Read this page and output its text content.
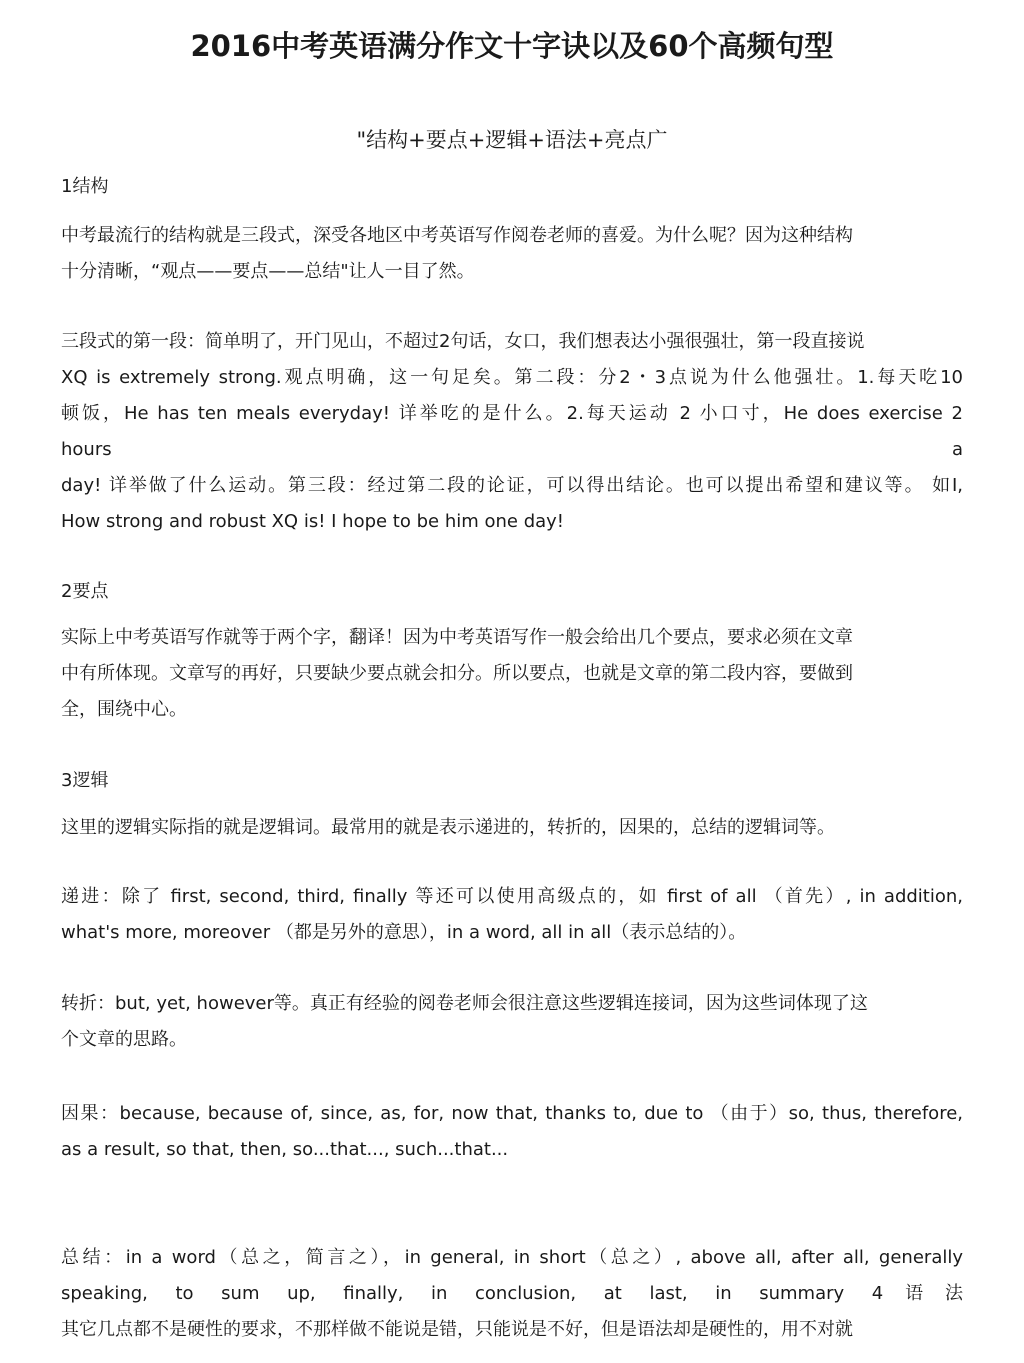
2016中考英语满分作文十字诀以及60个高频句型
"结构+要点+逻辑+语法+亮点广
1结构
中考最流行的结构就是三段式，深受各地区中考英语写作阅卷老师的喜爱。为什么呢？因为这种结构
十分清晰，“观点——要点——总结"让人一目了然。
三段式的第一段：简单明了，开门见山，不超过2句话，女口，我们想表达小强很强壮，第一段直接说
XQ is extremely strong.观点明确，这一句足矣。第二段：分2・3点说为什么他强壮。1.每天吃10
顿饭，He has ten meals everyday! 详举吃的是什么。2.每天运动 2 小口寸，He does exercise 2
hours a
day! 详举做了什么运动。第三段：经过第二段的论证，可以得出结论。也可以提出希望和建议等。 如I,
How strong and robust XQ is! I hope to be him one day!
2要点
实际上中考英语写作就等于两个字，翻译！因为中考英语写作一般会给出几个要点，要求必须在文章
中有所体现。文章写的再好，只要缺少要点就会扣分。所以要点，也就是文章的第二段内容，要做到
全，围绕中心。
3逻辑
这里的逻辑实际指的就是逻辑词。最常用的就是表示递进的，转折的，因果的，总结的逻辑词等。
递进：除了 first, second, third, finally 等还可以使用高级点的，如 first of all （首先）, in addition,
what's more, moreover （都是另外的意思），in a word, all in all（表示总结的）。
转折：but, yet, however等。真正有经验的阅卷老师会很注意这些逻辑连接词，因为这些词体现了这
个文章的思路。
因果：because, because of, since, as, for, now that, thanks to, due to （由于）so, thus, therefore,
as a result, so that, then, so...that..., such...that...
总结：in a word（总之，简言之），in general, in short（总之）, above all, after all, generally
speaking, to sum up, finally, in conclusion, at last, in summary 4语法
其它几点都不是硬性的要求，不那样做不能说是错，只能说是不好，但是语法却是硬性的，用不对就
